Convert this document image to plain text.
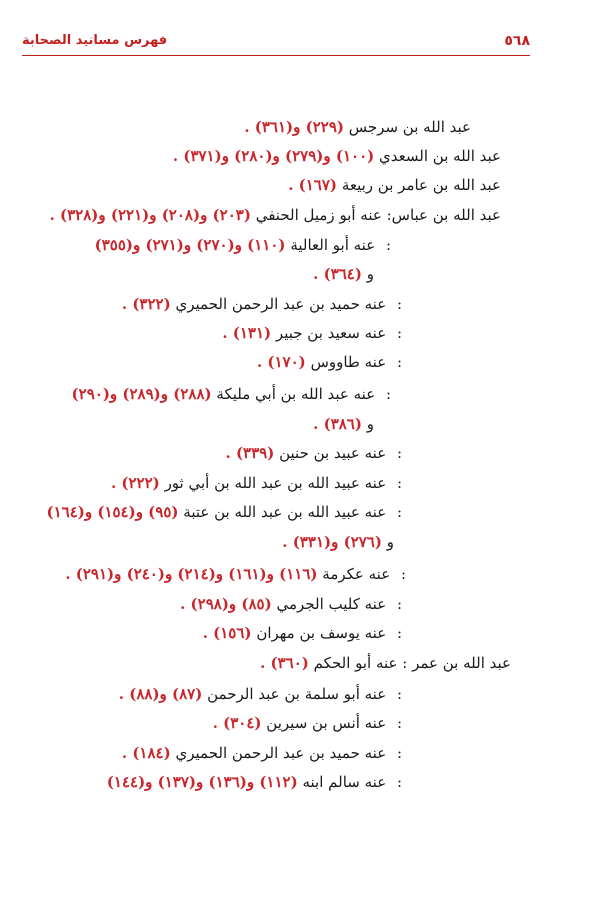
٥٦٨
فهرس مسانيد الصحابة
عبد الله بن سرجس (٢٢٩) و(٣٦١) .
عبد الله بن السعدي (١٠٠) و(٢٧٩) و(٢٨٠) و(٣٧١) .
عبد الله بن عامر بن ربيعة (١٦٧) .
عبد الله بن عباس: عنه أبو زميل الحنفي (٢٠٣) و(٢٠٨) و(٢٢١) و(٣٢٨) .
: عنه أبو العالية (١١٠) و(٢٧٠) و(٢٧١) و(٣٥٥)
و (٣٦٤) .
: عنه حميد بن عبد الرحمن الحميري (٣٢٢) .
: عنه سعيد بن جبير (١٣١) .
: عنه طاووس (١٧٠) .
: عنه عبد الله بن أبي مليكة (٢٨٨) و(٢٨٩) و(٢٩٠)
و (٣٨٦) .
: عنه عبيد بن حنين (٣٣٩) .
: عنه عبيد الله بن عبد الله بن أبي ثور (٢٢٢) .
: عنه عبيد الله بن عبد الله بن عتبة (٩٥) و(١٥٤) و(١٦٤)
و (٢٧٦) و(٣٣١) .
: عنه عكرمة (١١٦) و(١٦١) و(٢١٤) و(٢٤٠) و(٢٩١) .
: عنه كليب الجرمي (٨٥) و(٢٩٨) .
: عنه يوسف بن مهران (١٥٦) .
عبد الله بن عمر : عنه أبو الحكم (٣٦٠) .
: عنه أبو سلمة بن عبد الرحمن (٨٧) و(٨٨) .
: عنه أنس بن سيرين (٣٠٤) .
: عنه حميد بن عبد الرحمن الحميري (١٨٤) .
: عنه سالم ابنه (١١٢) و(١٣٦) و(١٣٧) و(١٤٤)
